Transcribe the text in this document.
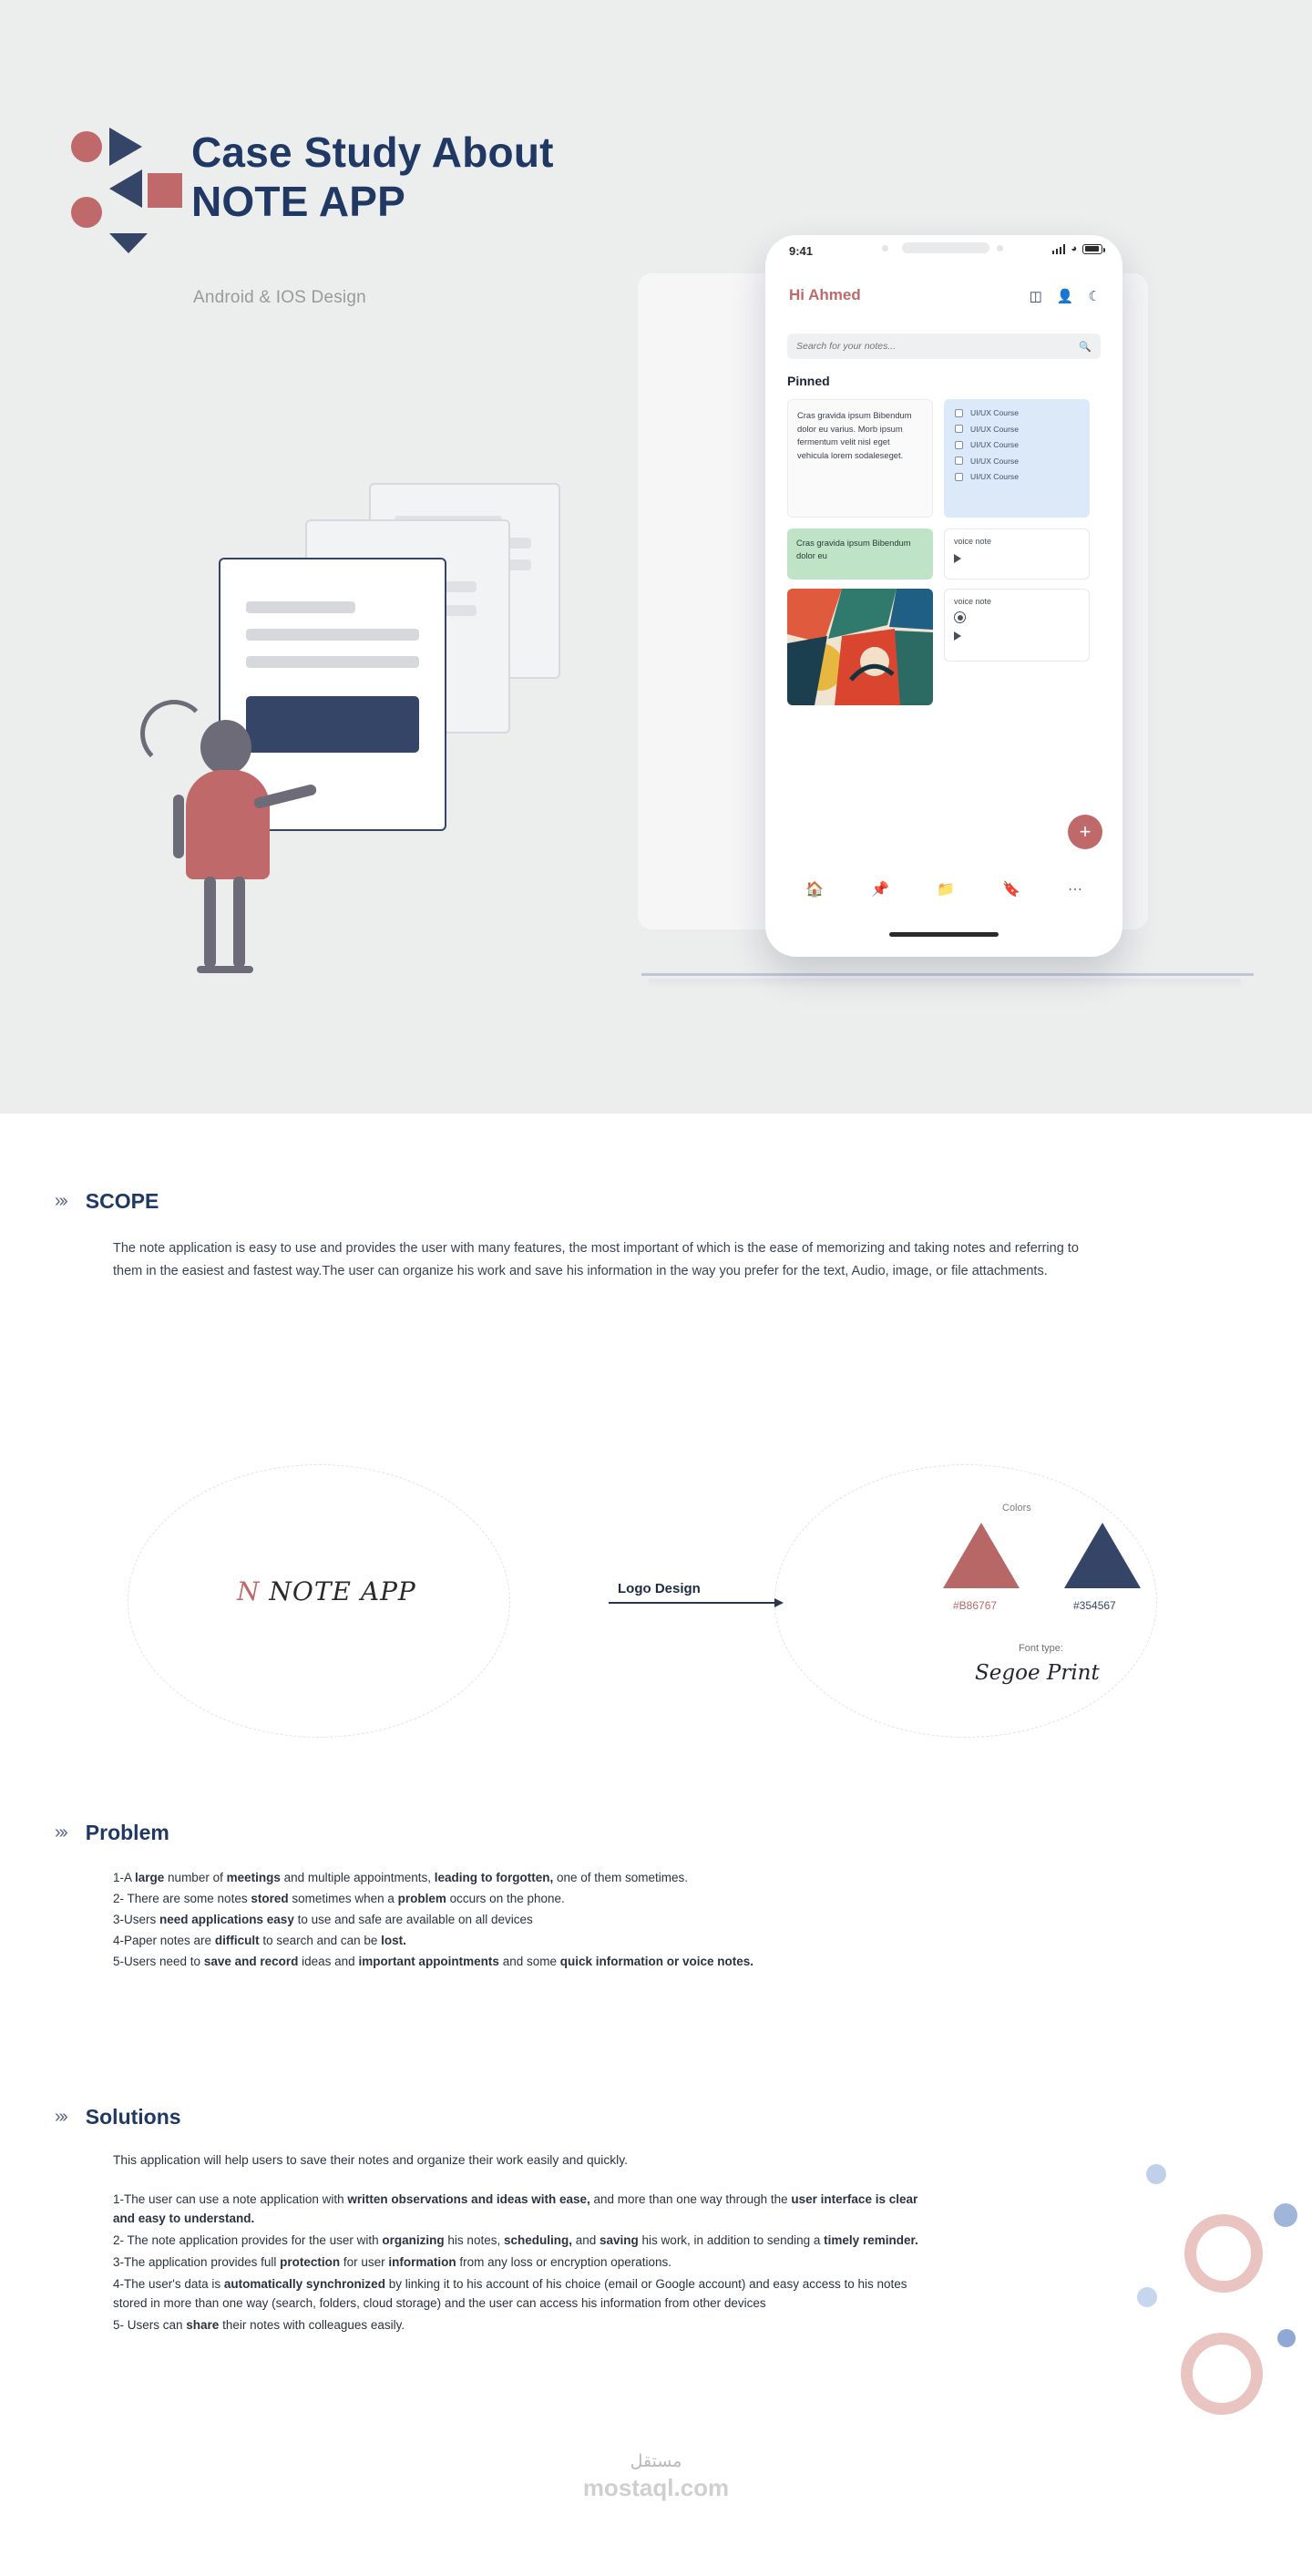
Case Study About
NOTE APP
Android & IOS Design
9:41	◕
Hi Ahmed	◫ 👤 ☾
Search for your notes...
🔍
Pinned

Cras gravida ipsum Bibendum dolor eu varius. Morb ipsum fermentum velit nisl eget vehicula lorem sodaleseget.

UI/UX Course
UI/UX Course
UI/UX Course
UI/UX Course
UI/UX Course

Cras gravida ipsum Bibendum dolor eu

voice note
voice note
+
🏠	📌	📁	🔖	⋯
»› SCOPE

The note application is easy to use and provides the user with many features, the most important of which is the ease of memorizing and taking notes and referring to them in the easiest and fastest way.The user can organize his work and save his information in the way you prefer for the text, Audio, image, or file attachments.

N NOTE APP	Logo Design
Colors
#B86767	#354567
Font type:
Segoe Print
»› Problem
1-A large number of meetings and multiple appointments, leading to forgotten, one of them sometimes.
2- There are some notes stored sometimes when a problem occurs on the phone.
3-Users need applications easy to use and safe are available on all devices
4-Paper notes are difficult to search and can be lost.
5-Users need to save and record ideas and important appointments and some quick information or voice notes.
»› Solutions
This application will help users to save their notes and organize their work easily and quickly.
1-The user can use a note application with written observations and ideas with ease, and more than one way through the user interface is clear and easy to understand.
2- The note application provides for the user with organizing his notes, scheduling, and saving his work, in addition to sending a timely reminder.
3-The application provides full protection for user information from any loss or encryption operations.
4-The user's data is automatically synchronized by linking it to his account of his choice (email or Google account) and easy access to his notes stored in more than one way (search, folders, cloud storage) and the user can access his information from other devices
5- Users can share their notes with colleagues easily.
مستقل
mostaql.com
